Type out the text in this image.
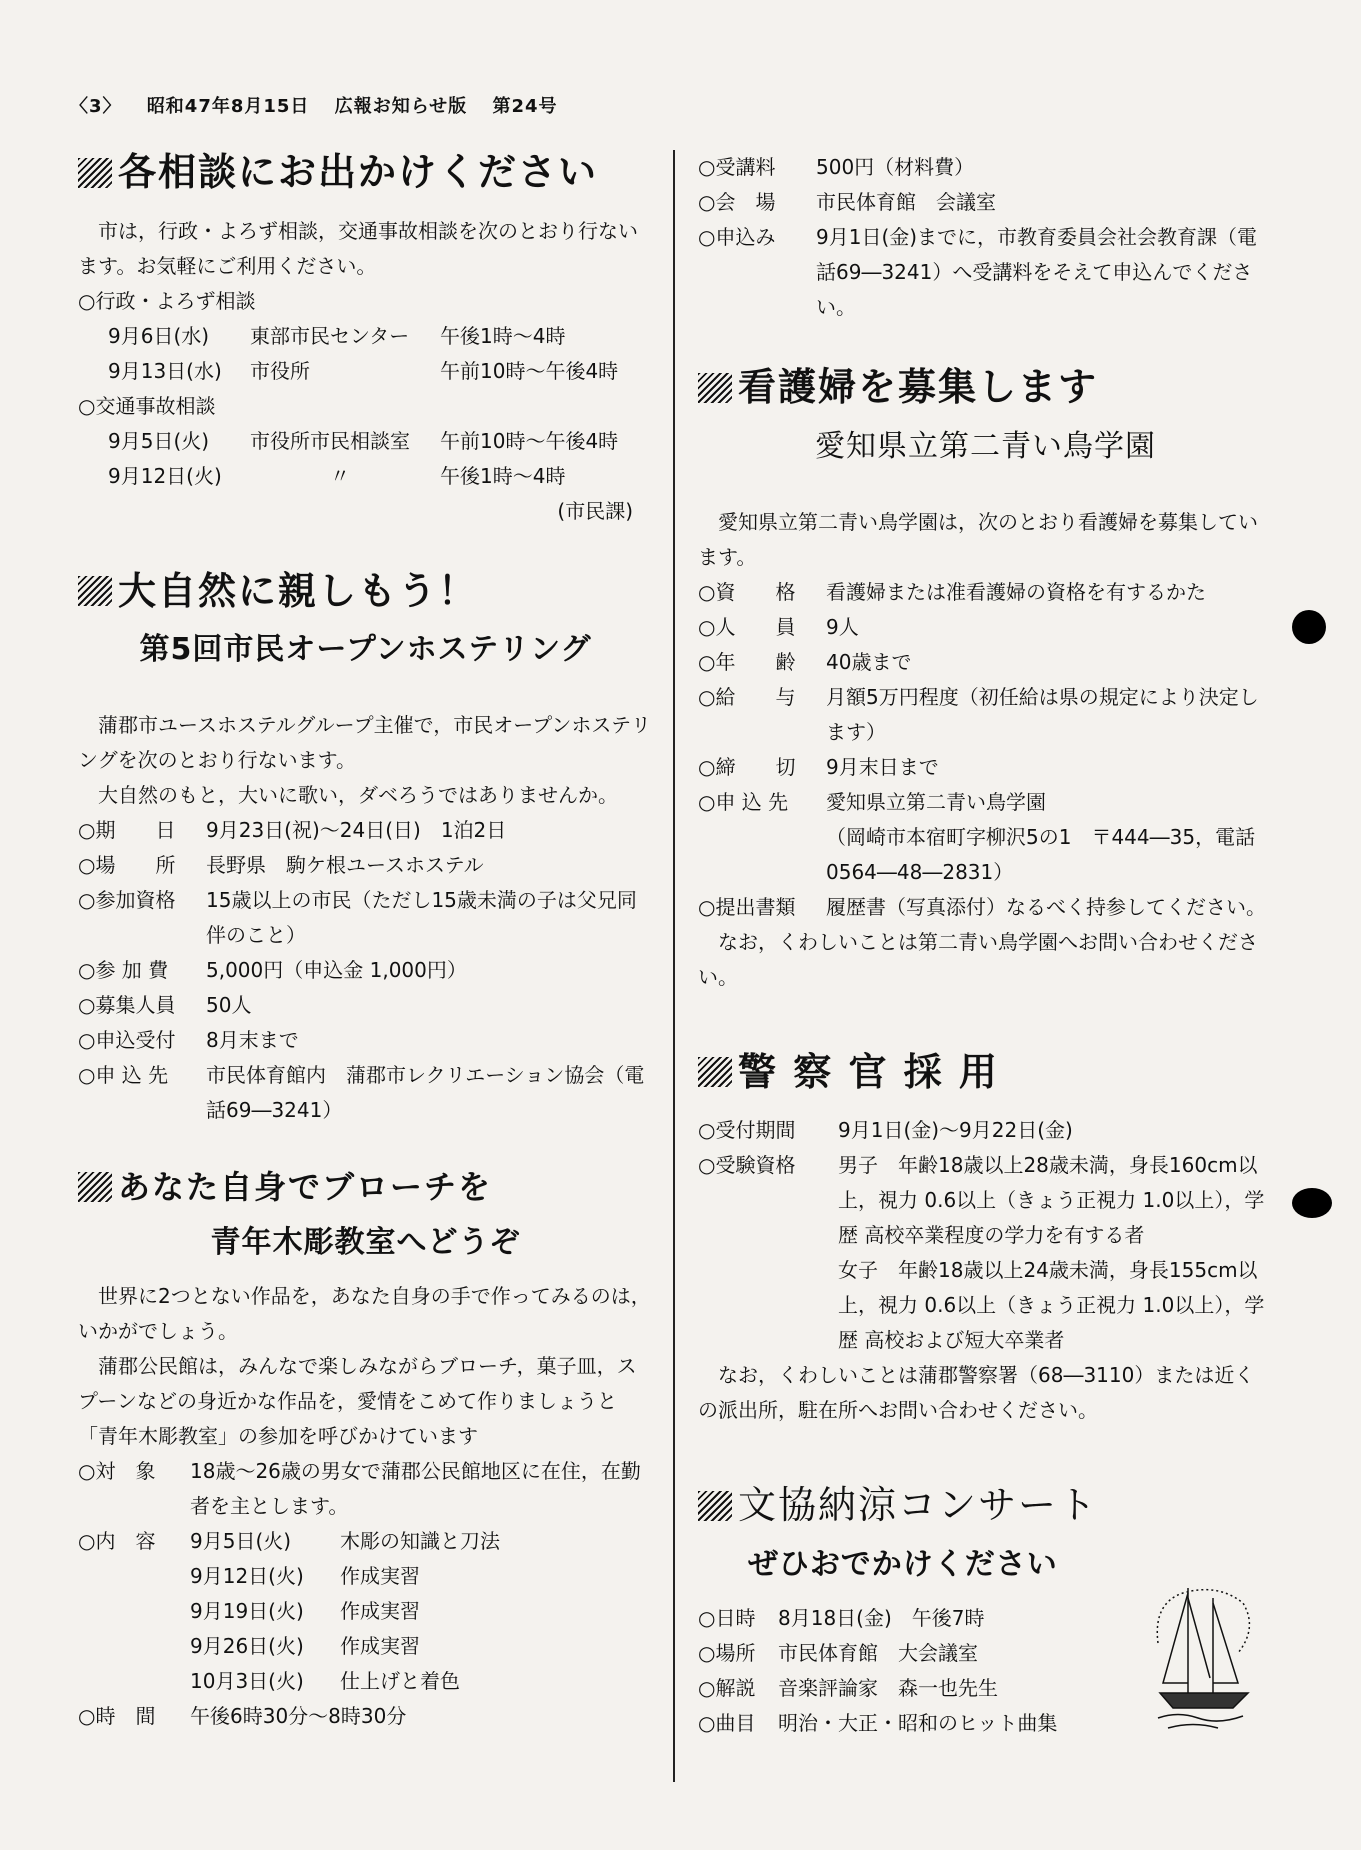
〈3〉 昭和47年8月15日 広報お知らせ版 第24号
各相談にお出かけください

市は，行政・よろず相談，交通事故相談を次のとおり行ないます。お気軽にご利用ください。

○行政・よろず相談
9月6日(水)	東部市民センター	午後1時～4時
9月13日(水)	市役所	午前10時～午後4時
○交通事故相談
9月5日(火)	市役所市民相談室	午前10時～午後4時
9月12日(火)	〃	午後1時～4時
(市民課)
大自然に親しもう！
第5回市民オープンホステリング

蒲郡市ユースホステルグループ主催で，市民オープンホステリングを次のとおり行ないます。

大自然のもと，大いに歌い，ダベろうではありませんか。

○期　　日	9月23日(祝)～24日(日)　1泊2日
○場　　所	長野県　駒ケ根ユースホステル
○参加資格	15歳以上の市民（ただし15歳未満の子は父兄同伴のこと）
○参 加 費	5,000円（申込金 1,000円）
○募集人員	50人
○申込受付	8月末まで
○申 込 先	市民体育館内　蒲郡市レクリエーション協会（電話69―3241）
あなた自身でブローチを
青年木彫教室へどうぞ

世界に2つとない作品を，あなた自身の手で作ってみるのは，いかがでしょう。

蒲郡公民館は，みんなで楽しみながらブローチ，菓子皿，スプーンなどの身近かな作品を，愛情をこめて作りましょうと「青年木彫教室」の参加を呼びかけています

○対　象	18歳～26歳の男女で蒲郡公民館地区に在住，在勤者を主とします。
○内　容	9月5日(火)	木彫の知識と刀法
9月12日(火)	作成実習
9月19日(火)	作成実習
9月26日(火)	作成実習
10月3日(火)	仕上げと着色
○時　間	午後6時30分～8時30分
○受講料	500円（材料費）
○会　場	市民体育館　会議室
○申込み	9月1日(金)までに，市教育委員会社会教育課（電話69―3241）へ受講料をそえて申込んでください。
看護婦を募集します
愛知県立第二青い鳥学園

愛知県立第二青い鳥学園は，次のとおり看護婦を募集しています。

○資　　格	看護婦または准看護婦の資格を有するかた
○人　　員	9人
○年　　齢	40歳まで
○給　　与	月額5万円程度（初任給は県の規定により決定します）
○締　　切	9月末日まで
○申 込 先	愛知県立第二青い鳥学園
（岡崎市本宿町字柳沢5の1　〒444―35，電話0564―48―2831）
○提出書類	履歴書（写真添付）なるべく持参してください。

なお，くわしいことは第二青い鳥学園へお問い合わせください。

警 察 官 採 用
○受付期間	9月1日(金)～9月22日(金)
○受験資格	男子　年齢18歳以上28歳未満，身長160cm以上，視力 0.6以上（きょう正視力 1.0以上），学歴 高校卒業程度の学力を有する者
女子　年齢18歳以上24歳未満，身長155cm以上，視力 0.6以上（きょう正視力 1.0以上），学歴 高校および短大卒業者

なお，くわしいことは蒲郡警察署（68―3110）または近くの派出所，駐在所へお問い合わせください。

文協納涼コンサート
ぜひおでかけください
○日時	8月18日(金)　午後7時
○場所	市民体育館　大会議室
○解説	音楽評論家　森一也先生
○曲目	明治・大正・昭和のヒット曲集
